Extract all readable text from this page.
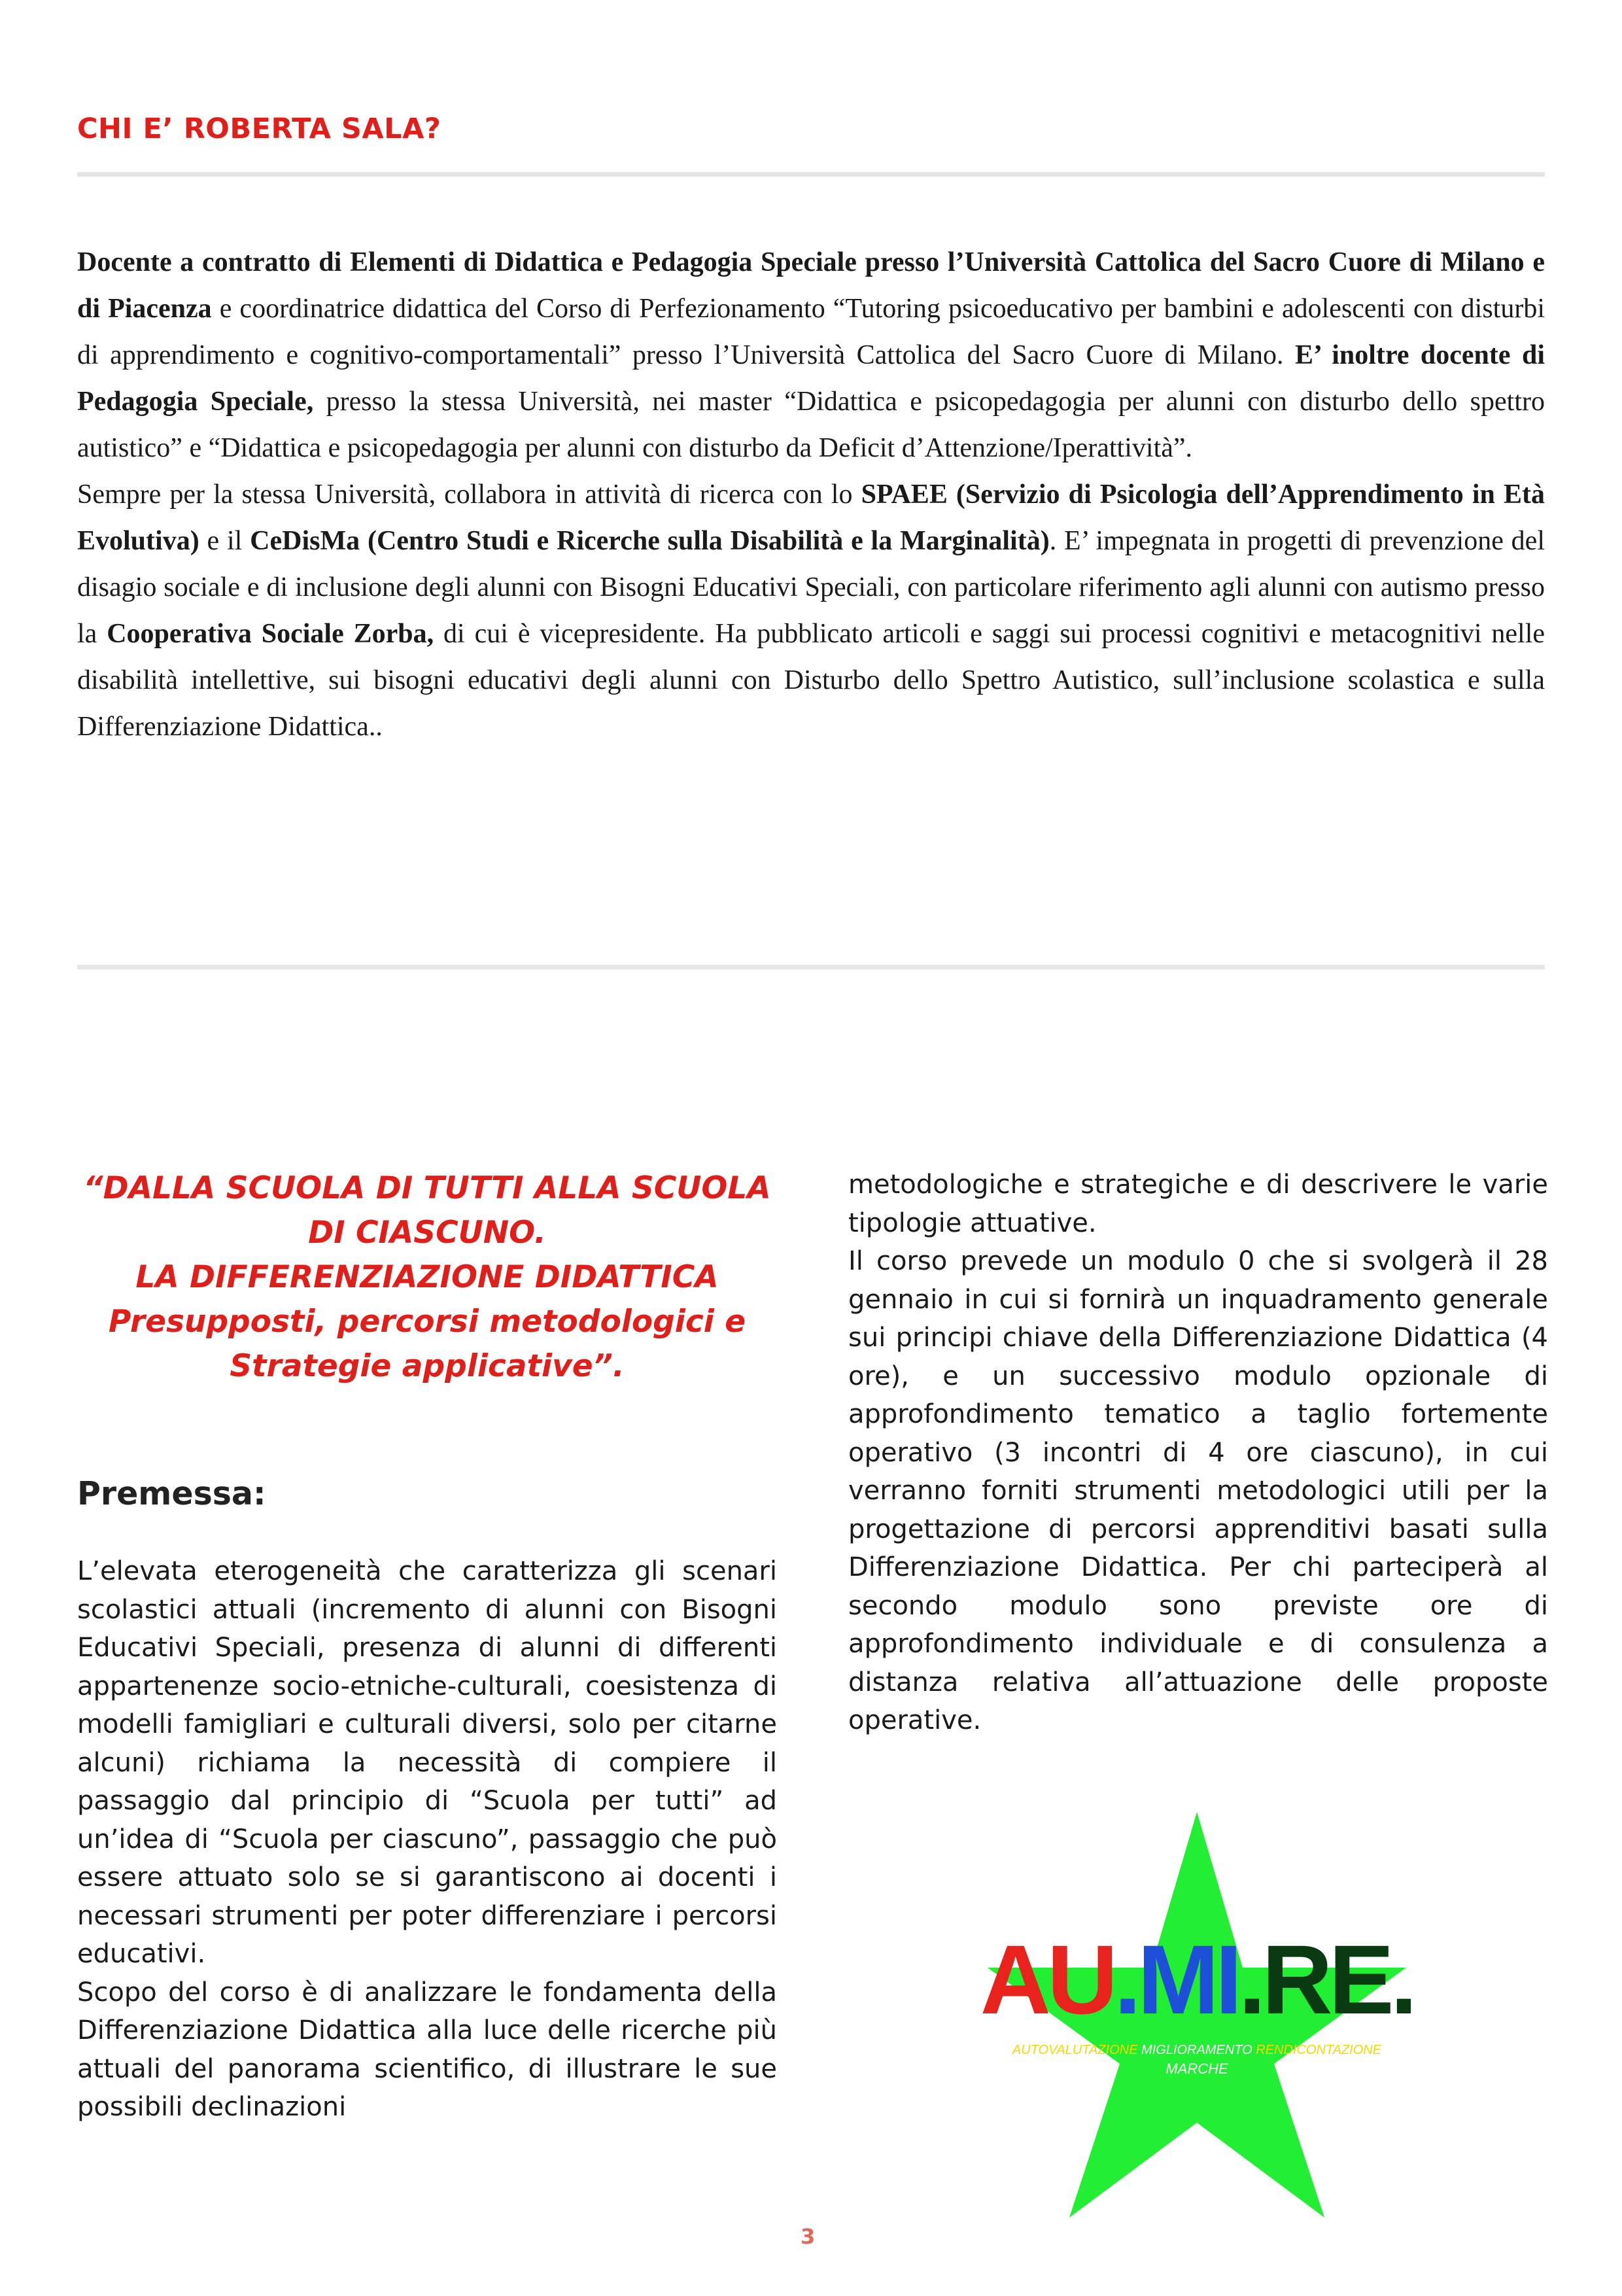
CHI E’ ROBERTA SALA?

Docente a contratto di Elementi di Didattica e Pedagogia Speciale presso l’Università Cattolica del Sacro Cuore di Milano e di Piacenza e coordinatrice didattica del Corso di Perfezionamento “Tutoring psicoeducativo per bambini e adolescenti con disturbi di apprendimento e cognitivo-comportamentali” presso l’Università Cattolica del Sacro Cuore di Milano. E’ inoltre docente di Pedagogia Speciale, presso la stessa Università, nei master “Didattica e psicopedagogia per alunni con disturbo dello spettro autistico” e “Didattica e psicopedagogia per alunni con disturbo da Deficit d’Attenzione/Iperattività”.

Sempre per la stessa Università, collabora in attività di ricerca con lo SPAEE (Servizio di Psicologia dell’Apprendimento in Età Evolutiva) e il CeDisMa (Centro Studi e Ricerche sulla Disabilità e la Marginalità). E’ impegnata in progetti di prevenzione del disagio sociale e di inclusione degli alunni con Bisogni Educativi Speciali, con particolare riferimento agli alunni con autismo presso la Cooperativa Sociale Zorba, di cui è vicepresidente. Ha pubblicato articoli e saggi sui processi cognitivi e metacognitivi nelle disabilità intellettive, sui bisogni educativi degli alunni con Disturbo dello Spettro Autistico, sull’inclusione scolastica e sulla Differenziazione Didattica..

“DALLA SCUOLA DI TUTTI ALLA SCUOLA
DI CIASCUNO.
LA DIFFERENZIAZIONE DIDATTICA
Presupposti, percorsi metodologici e
Strategie applicative”.
Premessa:

L’elevata eterogeneità che caratterizza gli scenari scolastici attuali (incremento di alunni con Bisogni Educativi Speciali, presenza di alunni di differenti appartenenze socio-etniche-culturali, coesistenza di modelli famigliari e culturali diversi, solo per citarne alcuni) richiama la necessità di compiere il passaggio dal principio di “Scuola per tutti” ad un’idea di “Scuola per ciascuno”, passaggio che può essere attuato solo se si garantiscono ai docenti i necessari strumenti per poter differenziare i percorsi educativi.

Scopo del corso è di analizzare le fondamenta della Differenziazione Didattica alla luce delle ricerche più attuali del panorama scientifico, di illustrare le sue possibili declinazioni

metodologiche e strategiche e di descrivere le varie tipologie attuative.

Il corso prevede un modulo 0 che si svolgerà il 28 gennaio in cui si fornirà un inquadramento generale sui principi chiave della Differenziazione Didattica (4 ore), e un successivo modulo opzionale di approfondimento tematico a taglio fortemente operativo (3 incontri di 4 ore ciascuno), in cui verranno forniti strumenti metodologici utili per la progettazione di percorsi apprenditivi basati sulla Differenziazione Didattica. Per chi parteciperà al secondo modulo sono previste ore di approfondimento individuale e di consulenza a distanza relativa all’attuazione delle proposte operative.

AU.MI.RE.
AUTOVALUTAZIONE MIGLIORAMENTO RENDICONTAZIONE
MARCHE
3
